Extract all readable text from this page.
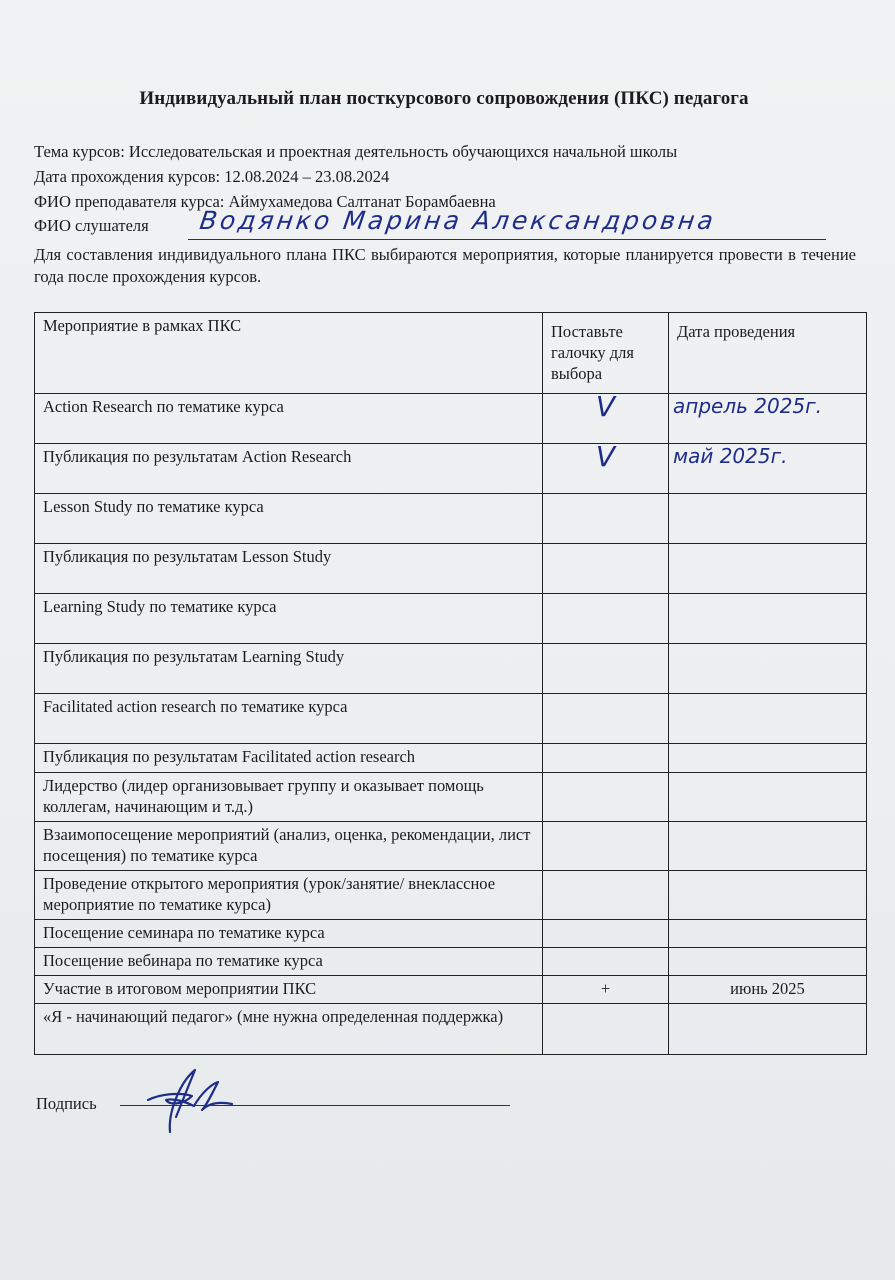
Индивидуальный план посткурсового сопровождения (ПКС) педагога
Тема курсов: Исследовательская и проектная деятельность обучающихся начальной школы
Дата прохождения курсов: 12.08.2024 – 23.08.2024
ФИО преподавателя курса: Аймухамедова Салтанат Борамбаевна
ФИО слушателя Водянко Марина Александровна
Для составления индивидуального плана ПКС выбираются мероприятия, которые планируется провести в течение года после прохождения курсов.
Мероприятие в рамках ПКС	Поставьте галочку для выбора	Дата проведения
Action Research по тематике курса	V	апрель 2025г.
Публикация по результатам Action Research	V	май 2025г.
Lesson Study по тематике курса		
Публикация по результатам Lesson Study		
Learning Study по тематике курса		
Публикация по результатам Learning Study		
Facilitated action research по тематике курса		
Публикация по результатам Facilitated action research		
Лидерство (лидер организовывает группу и оказывает помощь коллегам, начинающим и т.д.)		
Взаимопосещение мероприятий (анализ, оценка, рекомендации, лист посещения) по тематике курса		
Проведение открытого мероприятия (урок/занятие/ внеклассное мероприятие по тематике курса)		
Посещение семинара по тематике курса		
Посещение вебинара по тематике курса		
Участие в итоговом мероприятии ПКС	+	июнь 2025
«Я - начинающий педагог» (мне нужна определенная поддержка)		
Подпись
